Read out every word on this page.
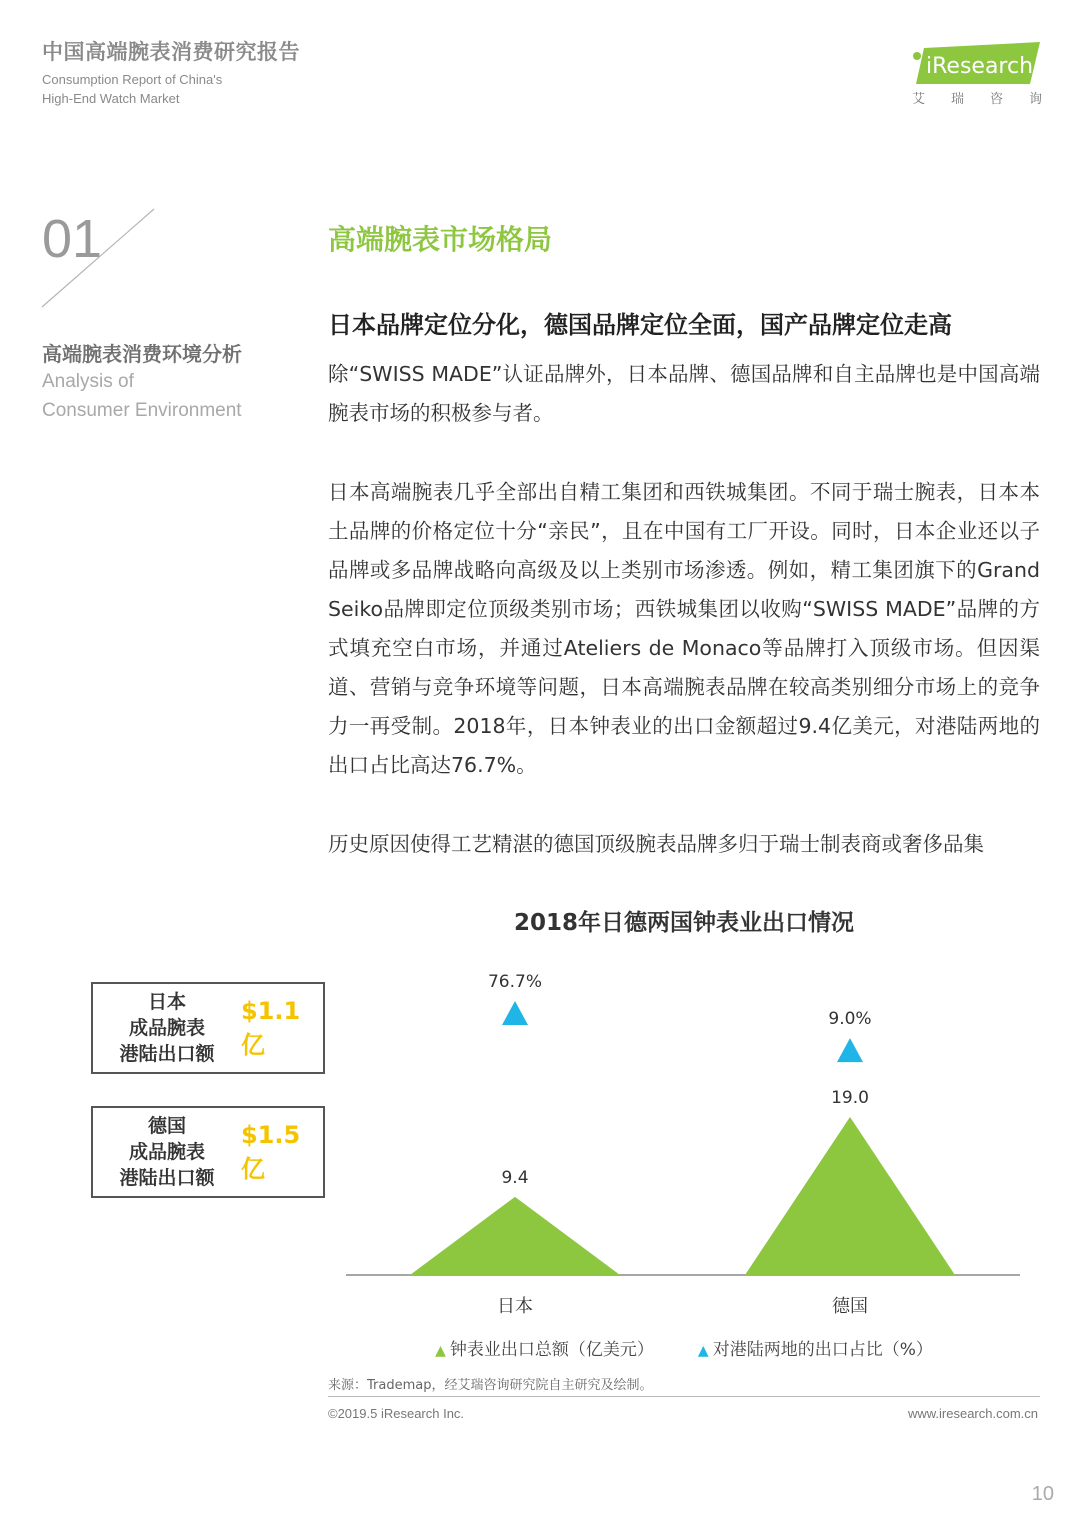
中国高端腕表消费研究报告
Consumption Report of China's
High-End Watch Market
iResearch
艾 瑞 咨 询
01
高端腕表消费环境分析
Analysis of
Consumer Environment
高端腕表市场格局
日本品牌定位分化，德国品牌定位全面，国产品牌定位走高
除“SWISS MADE”认证品牌外，日本品牌、德国品牌和自主品牌也是中国高端腕表市场的积极参与者。
日本高端腕表几乎全部出自精工集团和西铁城集团。不同于瑞士腕表，日本本土品牌的价格定位十分“亲民”，且在中国有工厂开设。同时，日本企业还以子品牌或多品牌战略向高级及以上类别市场渗透。例如，精工集团旗下的Grand Seiko品牌即定位顶级类别市场；西铁城集团以收购“SWISS MADE”品牌的方式填充空白市场，并通过Ateliers de Monaco等品牌打入顶级市场。但因渠道、营销与竞争环境等问题，日本高端腕表品牌在较高类别细分市场上的竞争力一再受制。2018年，日本钟表业的出口金额超过9.4亿美元，对港陆两地的出口占比高达76.7%。
历史原因使得工艺精湛的德国顶级腕表品牌多归于瑞士制表商或奢侈品集
2018年日德两国钟表业出口情况
日本
成品腕表
港陆出口额
$1.1亿
德国
成品腕表
港陆出口额
$1.5亿	9.4
76.7%
日本
19.0
9.0%
德国
▲ 钟表业出口总额（亿美元）	▲ 对港陆两地的出口占比（%）
来源：Trademap，经艾瑞咨询研究院自主研究及绘制。
©2019.5 iResearch Inc.	www.iresearch.com.cn
10
